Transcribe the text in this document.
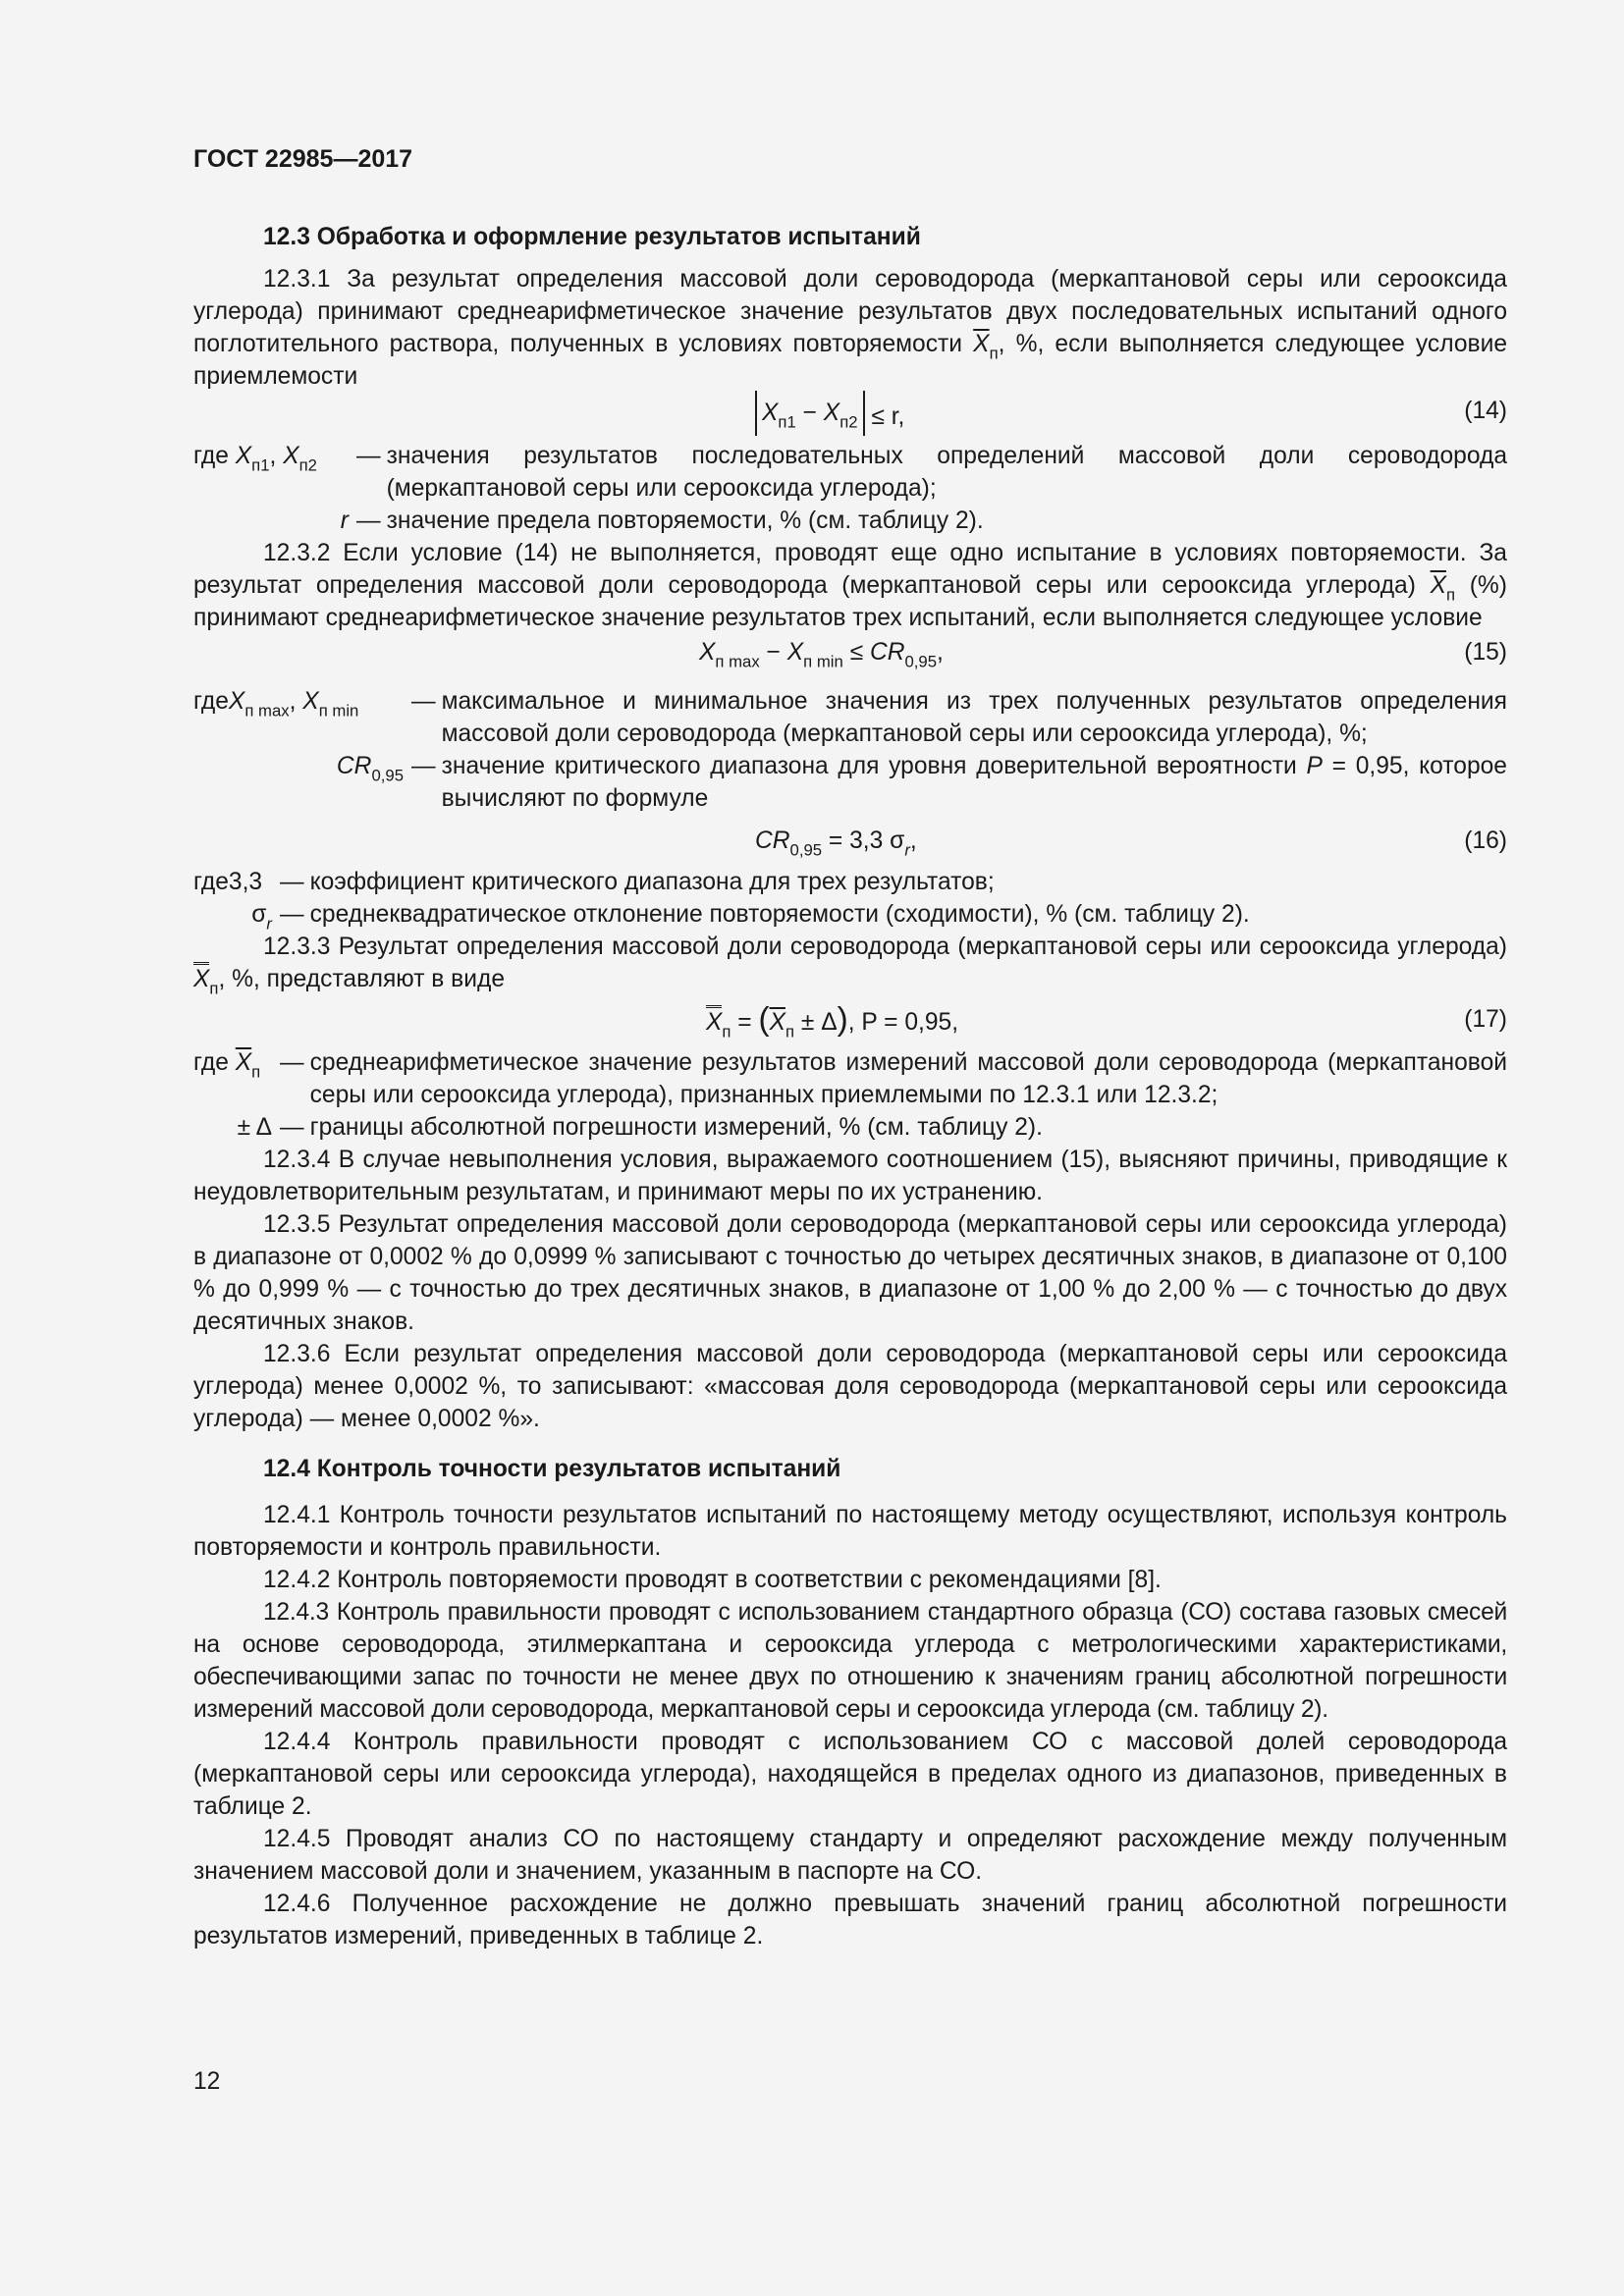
ГОСТ 22985—2017
12.3 Обработка и оформление результатов испытаний

12.3.1 За результат определения массовой доли сероводорода (меркаптановой серы или серооксида углерода) принимают среднеарифметическое значение результатов двух последовательных испытаний одного поглотительного раствора, полученных в условиях повторяемости $\overline{X}_п$, %, если выполняется следующее условие приемлемости

$X_{п1} - X_{п2} \le r$,	(14)
где $X_{п1}$, $X_{п2}$	— значения результатов последовательных определений массовой доли сероводорода (меркаптановой серы или серооксида углерода);
r — значение предела повторяемости, % (см. таблицу 2).

12.3.2 Если условие (14) не выполняется, проводят еще одно испытание в условиях повторяемости. За результат определения массовой доли сероводорода (меркаптановой серы или серооксида углерода) $\overline{X}_п$ (%) принимают среднеарифметическое значение результатов трех испытаний, если выполняется следующее условие

$X_{п max} - X_{п min} \le CR_{0,95}$,	(15)
гдеX$_{п max}$, $X_{п min}$	— максимальное и минимальное значения из трех полученных результатов определения массовой доли сероводорода (меркаптановой серы или серооксида углерода), %;
$CR_{0,95}$ — значение критического диапазона для уровня доверительной вероятности P = 0,95, которое вычисляют по формуле
$CR_{0,95} = 3,3$ $\sigma_r$,	(16)
где3,3 — коэффициент критического диапазона для трех результатов;
$\sigma_r$ — среднеквадратическое отклонение повторяемости (сходимости), % (см. таблицу 2).

12.3.3 Результат определения массовой доли сероводорода (меркаптановой серы или серооксида углерода) $X_п$, %, представляют в виде

$X_п = (\overline{X}_п \pm \Delta)$, P = 0,95,	(17)
где $\overline{X}_п$ — среднеарифметическое значение результатов измерений массовой доли сероводорода (меркаптановой серы или серооксида углерода), признанных приемлемыми по 12.3.1 или 12.3.2;
± Δ — границы абсолютной погрешности измерений, % (см. таблицу 2).

12.3.4 В случае невыполнения условия, выражаемого соотношением (15), выясняют причины, приводящие к неудовлетворительным результатам, и принимают меры по их устранению.

12.3.5 Результат определения массовой доли сероводорода (меркаптановой серы или серооксида углерода) в диапазоне от 0,0002 % до 0,0999 % записывают с точностью до четырех десятичных знаков, в диапазоне от 0,100 % до 0,999 % — с точностью до трех десятичных знаков, в диапазоне от 1,00 % до 2,00 % — с точностью до двух десятичных знаков.

12.3.6 Если результат определения массовой доли сероводорода (меркаптановой серы или серооксида углерода) менее 0,0002 %, то записывают: «массовая доля сероводорода (меркаптановой серы или серооксида углерода) — менее 0,0002 %».

12.4 Контроль точности результатов испытаний

12.4.1 Контроль точности результатов испытаний по настоящему методу осуществляют, используя контроль повторяемости и контроль правильности.

12.4.2 Контроль повторяемости проводят в соответствии с рекомендациями [8].

12.4.3 Контроль правильности проводят с использованием стандартного образца (СО) состава газовых смесей на основе сероводорода, этилмеркаптана и серооксида углерода с метрологическими характеристиками, обеспечивающими запас по точности не менее двух по отношению к значениям границ абсолютной погрешности измерений массовой доли сероводорода, меркаптановой серы и серооксида углерода (см. таблицу 2).

12.4.4 Контроль правильности проводят с использованием СО с массовой долей сероводорода (меркаптановой серы или серооксида углерода), находящейся в пределах одного из диапазонов, приведенных в таблице 2.

12.4.5 Проводят анализ СО по настоящему стандарту и определяют расхождение между полученным значением массовой доли и значением, указанным в паспорте на СО.

12.4.6 Полученное расхождение не должно превышать значений границ абсолютной погрешности результатов измерений, приведенных в таблице 2.

12
